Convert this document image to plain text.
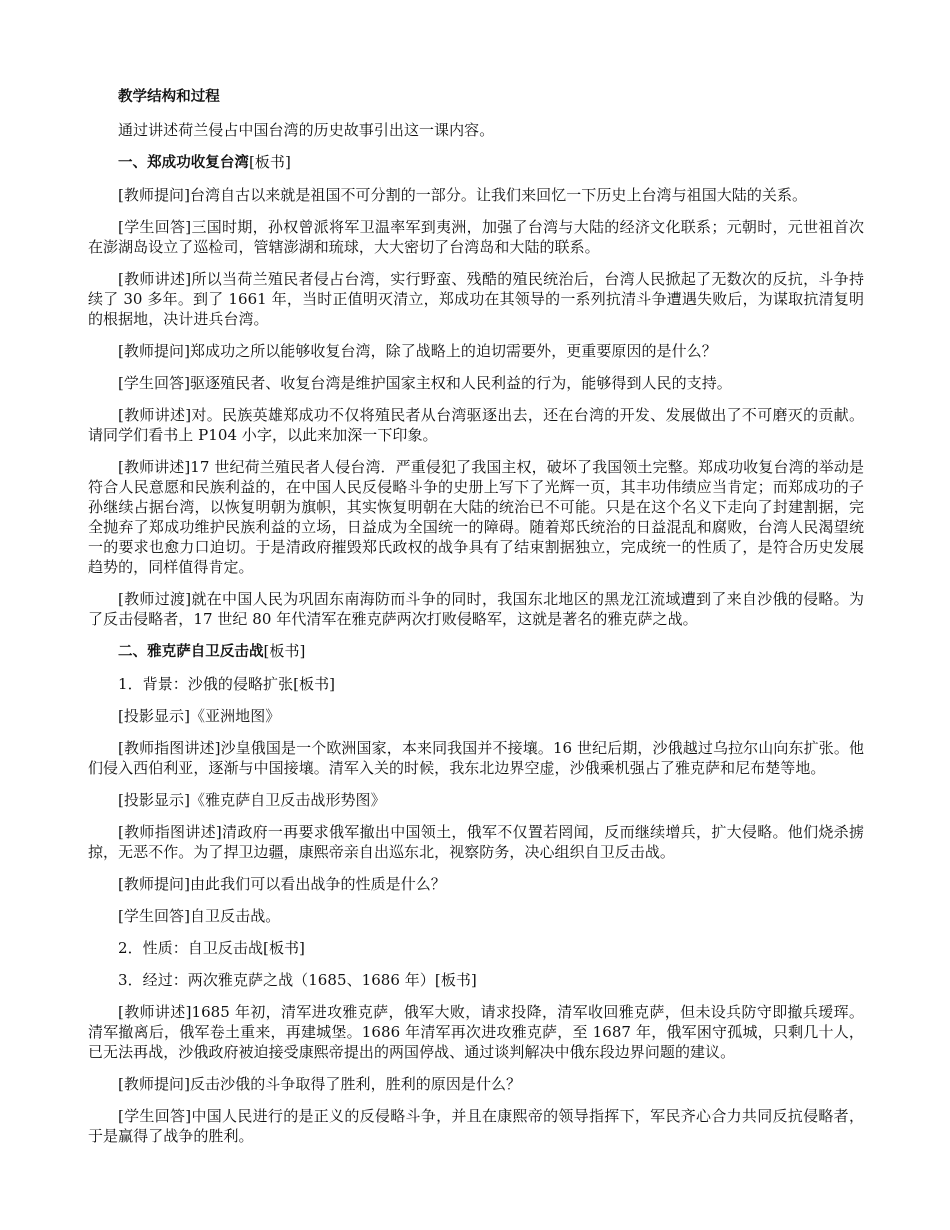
教学结构和过程

通过讲述荷兰侵占中国台湾的历史故事引出这一课内容。

一、郑成功收复台湾[板书]

[教师提问]台湾自古以来就是祖国不可分割的一部分。让我们来回忆一下历史上台湾与祖国大陆的关系。

[学生回答]三国时期，孙权曾派将军卫温率军到夷洲，加强了台湾与大陆的经济文化联系；元朝时，元世祖首次在澎湖岛设立了巡检司，管辖澎湖和琉球，大大密切了台湾岛和大陆的联系。

[教师讲述]所以当荷兰殖民者侵占台湾，实行野蛮、残酷的殖民统治后，台湾人民掀起了无数次的反抗，斗争持续了 30 多年。到了 1661 年，当时正值明灭清立，郑成功在其领导的一系列抗清斗争遭遇失败后，为谋取抗清复明的根据地，决计进兵台湾。

[教师提问]郑成功之所以能够收复台湾，除了战略上的迫切需要外，更重要原因的是什么？

[学生回答]驱逐殖民者、收复台湾是维护国家主权和人民利益的行为，能够得到人民的支持。

[教师讲述]对。民族英雄郑成功不仅将殖民者从台湾驱逐出去，还在台湾的开发、发展做出了不可磨灭的贡献。请同学们看书上 P104 小字，以此来加深一下印象。

[教师讲述]17 世纪荷兰殖民者人侵台湾．严重侵犯了我国主权，破坏了我国领土完整。郑成功收复台湾的举动是符合人民意愿和民族利益的，在中国人民反侵略斗争的史册上写下了光辉一页，其丰功伟绩应当肯定；而郑成功的子孙继续占据台湾，以恢复明朝为旗帜，其实恢复明朝在大陆的统治已不可能。只是在这个名义下走向了封建割据，完全抛弃了郑成功维护民族利益的立场，日益成为全国统一的障碍。随着郑氏统治的日益混乱和腐败，台湾人民渴望统一的要求也愈力口迫切。于是清政府摧毁郑氏政权的战争具有了结束割据独立，完成统一的性质了，是符合历史发展趋势的，同样值得肯定。

[教师过渡]就在中国人民为巩固东南海防而斗争的同时，我国东北地区的黑龙江流域遭到了来自沙俄的侵略。为了反击侵略者，17 世纪 80 年代清军在雅克萨两次打败侵略军，这就是著名的雅克萨之战。

二、雅克萨自卫反击战[板书]

1．背景：沙俄的侵略扩张[板书]

[投影显示]《亚洲地图》

[教师指图讲述]沙皇俄国是一个欧洲国家，本来同我国并不接壤。16 世纪后期，沙俄越过乌拉尔山向东扩张。他们侵入西伯利亚，逐渐与中国接壤。清军入关的时候，我东北边界空虚，沙俄乘机强占了雅克萨和尼布楚等地。

[投影显示]《雅克萨自卫反击战形势图》

[教师指图讲述]清政府一再要求俄军撤出中国领土，俄军不仅置若罔闻，反而继续增兵，扩大侵略。他们烧杀掳掠，无恶不作。为了捍卫边疆，康熙帝亲自出巡东北，视察防务，决心组织自卫反击战。

[教师提问]由此我们可以看出战争的性质是什么？

[学生回答]自卫反击战。

2．性质：自卫反击战[板书]

3．经过：两次雅克萨之战（1685、1686 年）[板书]

[教师讲述]1685 年初，清军进攻雅克萨，俄军大败，请求投降，清军收回雅克萨，但未设兵防守即撤兵瑷珲。清军撤离后，俄军卷土重来，再建城堡。1686 年清军再次进攻雅克萨，至 1687 年，俄军困守孤城，只剩几十人，已无法再战，沙俄政府被迫接受康熙帝提出的两国停战、通过谈判解决中俄东段边界问题的建议。

[教师提问]反击沙俄的斗争取得了胜利，胜利的原因是什么？

[学生回答]中国人民进行的是正义的反侵略斗争，并且在康熙帝的领导指挥下，军民齐心合力共同反抗侵略者，于是赢得了战争的胜利。
